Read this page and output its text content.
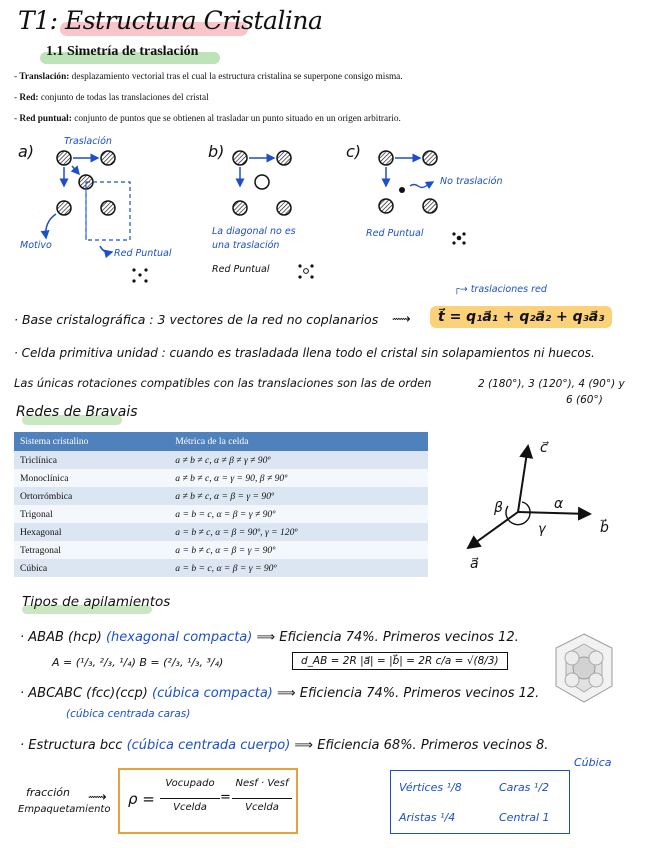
T1: Estructura Cristalina
1.1 Simetría de traslación
- Translación: desplazamiento vectorial tras el cual la estructura cristalina se superpone consigo misma.
- Red: conjunto de todas las translaciones del cristal
- Red puntual: conjunto de puntos que se obtienen al trasladar un punto situado en un origen arbitrario.
a)	b)	c)
Traslación
Motivo
Red Puntual
La diagonal no es
una traslación
Red Puntual
No traslación
Red Puntual
┌→ traslaciones red
· Base cristalográfica : 3 vectores de la red no coplanarios ⟿	t⃗ = q₁a⃗₁ + q₂a⃗₂ + q₃a⃗₃
· Celda primitiva unidad : cuando es trasladada llena todo el cristal sin solapamientos ni huecos.
Las únicas rotaciones compatibles con las translaciones son las de orden	2 (180°), 3 (120°), 4 (90°) y
6 (60°)
Redes de Bravais
Sistema cristalino	Métrica de la celda
Triclínica	a ≠ b ≠ c, α ≠ β ≠ γ ≠ 90º
Monoclínica	a ≠ b ≠ c, α = γ = 90, β ≠ 90º
Ortorrómbica	a ≠ b ≠ c, α = β = γ = 90º
Trigonal	a = b = c, α = β = γ ≠ 90º
Hexagonal	a = b ≠ c, α = β = 90º, γ = 120º
Tetragonal	a = b ≠ c, α = β = γ = 90º
Cúbica	a = b = c, α = β = γ = 90º
c⃗
b⃗
a⃗
α
β
γ
Tipos de apilamientos
· ABAB (hcp) (hexagonal compacta) ⟹ Eficiencia 74%. Primeros vecinos 12.
A = (¹/₃, ²/₃, ¹/₄) B = (²/₃, ¹/₃, ³/₄)	d_AB = 2R |a⃗| = |b⃗| = 2R c/a = √(8/3)
· ABCABC (fcc)(ccp) (cúbica compacta) ⟹ Eficiencia 74%. Primeros vecinos 12.
(cúbica centrada caras)
· Estructura bcc (cúbica centrada cuerpo) ⟹ Eficiencia 68%. Primeros vecinos 8.
fracción
Empaquetamiento
⟿ ρ =
Vocupado
Vcelda
=
Nesf · Vesf
Vcelda
Cúbica
Vértices ¹/8	Caras ¹/2
Aristas ¹/4	Central 1
